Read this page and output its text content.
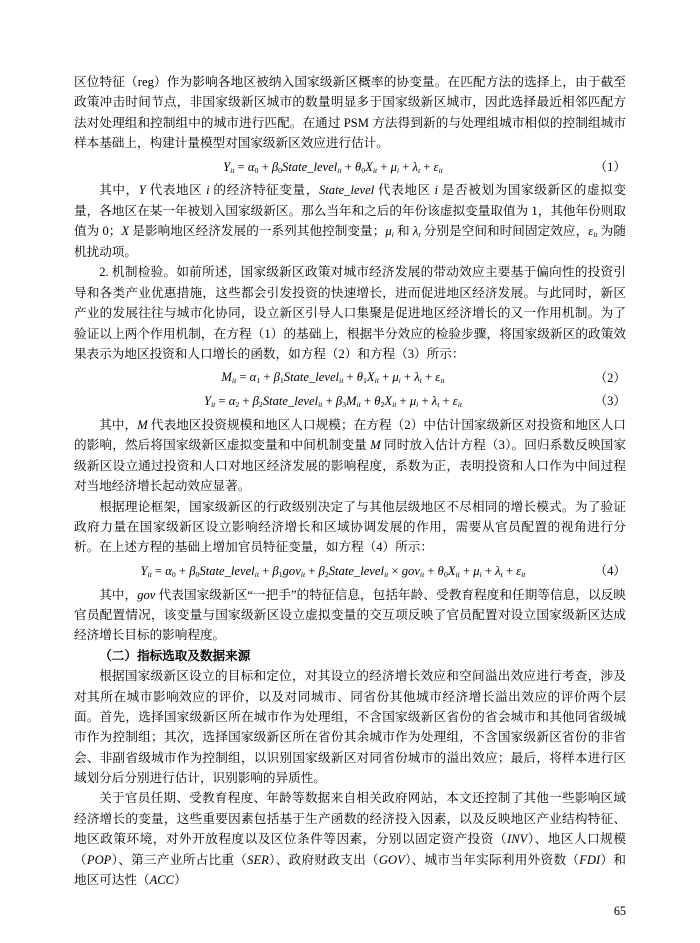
区位特征（reg）作为影响各地区被纳入国家级新区概率的协变量。在匹配方法的选择上，由于截至政策冲击时间节点，非国家级新区城市的数量明显多于国家级新区城市，因此选择最近相邻匹配方法对处理组和控制组中的城市进行匹配。在通过 PSM 方法得到新的与处理组城市相似的控制组城市样本基础上，构建计量模型对国家级新区效应进行估计。

$Y_{it} = \alpha_0$ + $\beta_0State\_level_{it} + \theta_0X_{it} + \mu_i + \lambda_t + \varepsilon_{it}$	（1）

其中，Y 代表地区 i 的经济特征变量，State_level 代表地区 i 是否被划为国家级新区的虚拟变量，各地区在某一年被划入国家级新区。那么当年和之后的年份该虚拟变量取值为 1，其他年份则取值为 0；X 是影响地区经济发展的一系列其他控制变量；$\mu_i$ 和 $\lambda_t$ 分别是空间和时间固定效应，$\varepsilon_{it}$ 为随机扰动项。

2. 机制检验。如前所述，国家级新区政策对城市经济发展的带动效应主要基于偏向性的投资引导和各类产业优惠措施，这些都会引发投资的快速增长，进而促进地区经济发展。与此同时，新区产业的发展往往与城市化协同，设立新区引导人口集聚是促进地区经济增长的又一作用机制。为了验证以上两个作用机制，在方程（1）的基础上，根据半分效应的检验步骤，将国家级新区的政策效果表示为地区投资和人口增长的函数，如方程（2）和方程（3）所示：

$M_{it} = \alpha_1$ + $\beta_1State\_level_{it} + \theta_1X_{it} + \mu_i + \lambda_t + \varepsilon_{it}$	（2）
$Y_{it} = \alpha_2$ + $\beta_2State\_level_{it} + \beta_3M_{it} + \theta_2X_{it} + \mu_i + \lambda_t + \varepsilon_{it}$	（3）

其中，M 代表地区投资规模和地区人口规模；在方程（2）中估计国家级新区对投资和地区人口的影响，然后将国家级新区虚拟变量和中间机制变量 M 同时放入估计方程（3）。回归系数反映国家级新区设立通过投资和人口对地区经济发展的影响程度，系数为正，表明投资和人口作为中间过程对当地经济增长起动效应显著。

根据理论框架，国家级新区的行政级别决定了与其他层级地区不尽相同的增长模式。为了验证政府力量在国家级新区设立影响经济增长和区域协调发展的作用，需要从官员配置的视角进行分析。在上述方程的基础上增加官员特征变量，如方程（4）所示：

$Y_{it} = \alpha_0$ + $\beta_0State\_level_{it} + \beta_1gov_{it}$ + $\beta_2State\_level_{it} \times gov_{it} + \theta_0X_{it} + \mu_i + \lambda_t + \varepsilon_{it}$	（4）

其中，gov 代表国家级新区“一把手”的特征信息，包括年龄、受教育程度和任期等信息，以反映官员配置情况，该变量与国家级新区设立虚拟变量的交互项反映了官员配置对设立国家级新区达成经济增长目标的影响程度。

（二）指标选取及数据来源

根据国家级新区设立的目标和定位，对其设立的经济增长效应和空间溢出效应进行考查，涉及对其所在城市影响效应的评价，以及对同城市、同省份其他城市经济增长溢出效应的评价两个层面。首先，选择国家级新区所在城市作为处理组，不含国家级新区省份的省会城市和其他同省级城市作为控制组；其次，选择国家级新区所在省份其余城市作为处理组，不含国家级新区省份的非省会、非副省级城市作为控制组，以识别国家级新区对同省份城市的溢出效应；最后，将样本进行区域划分后分别进行估计，识别影响的异质性。

关于官员任期、受教育程度、年龄等数据来自相关政府网站，本文还控制了其他一些影响区域经济增长的变量，这些重要因素包括基于生产函数的经济投入因素，以及反映地区产业结构特征、地区政策环境，对外开放程度以及区位条件等因素，分别以固定资产投资（INV）、地区人口规模（POP）、第三产业所占比重（SER）、政府财政支出（GOV）、城市当年实际利用外资数（FDI）和地区可达性（ACC）

65
